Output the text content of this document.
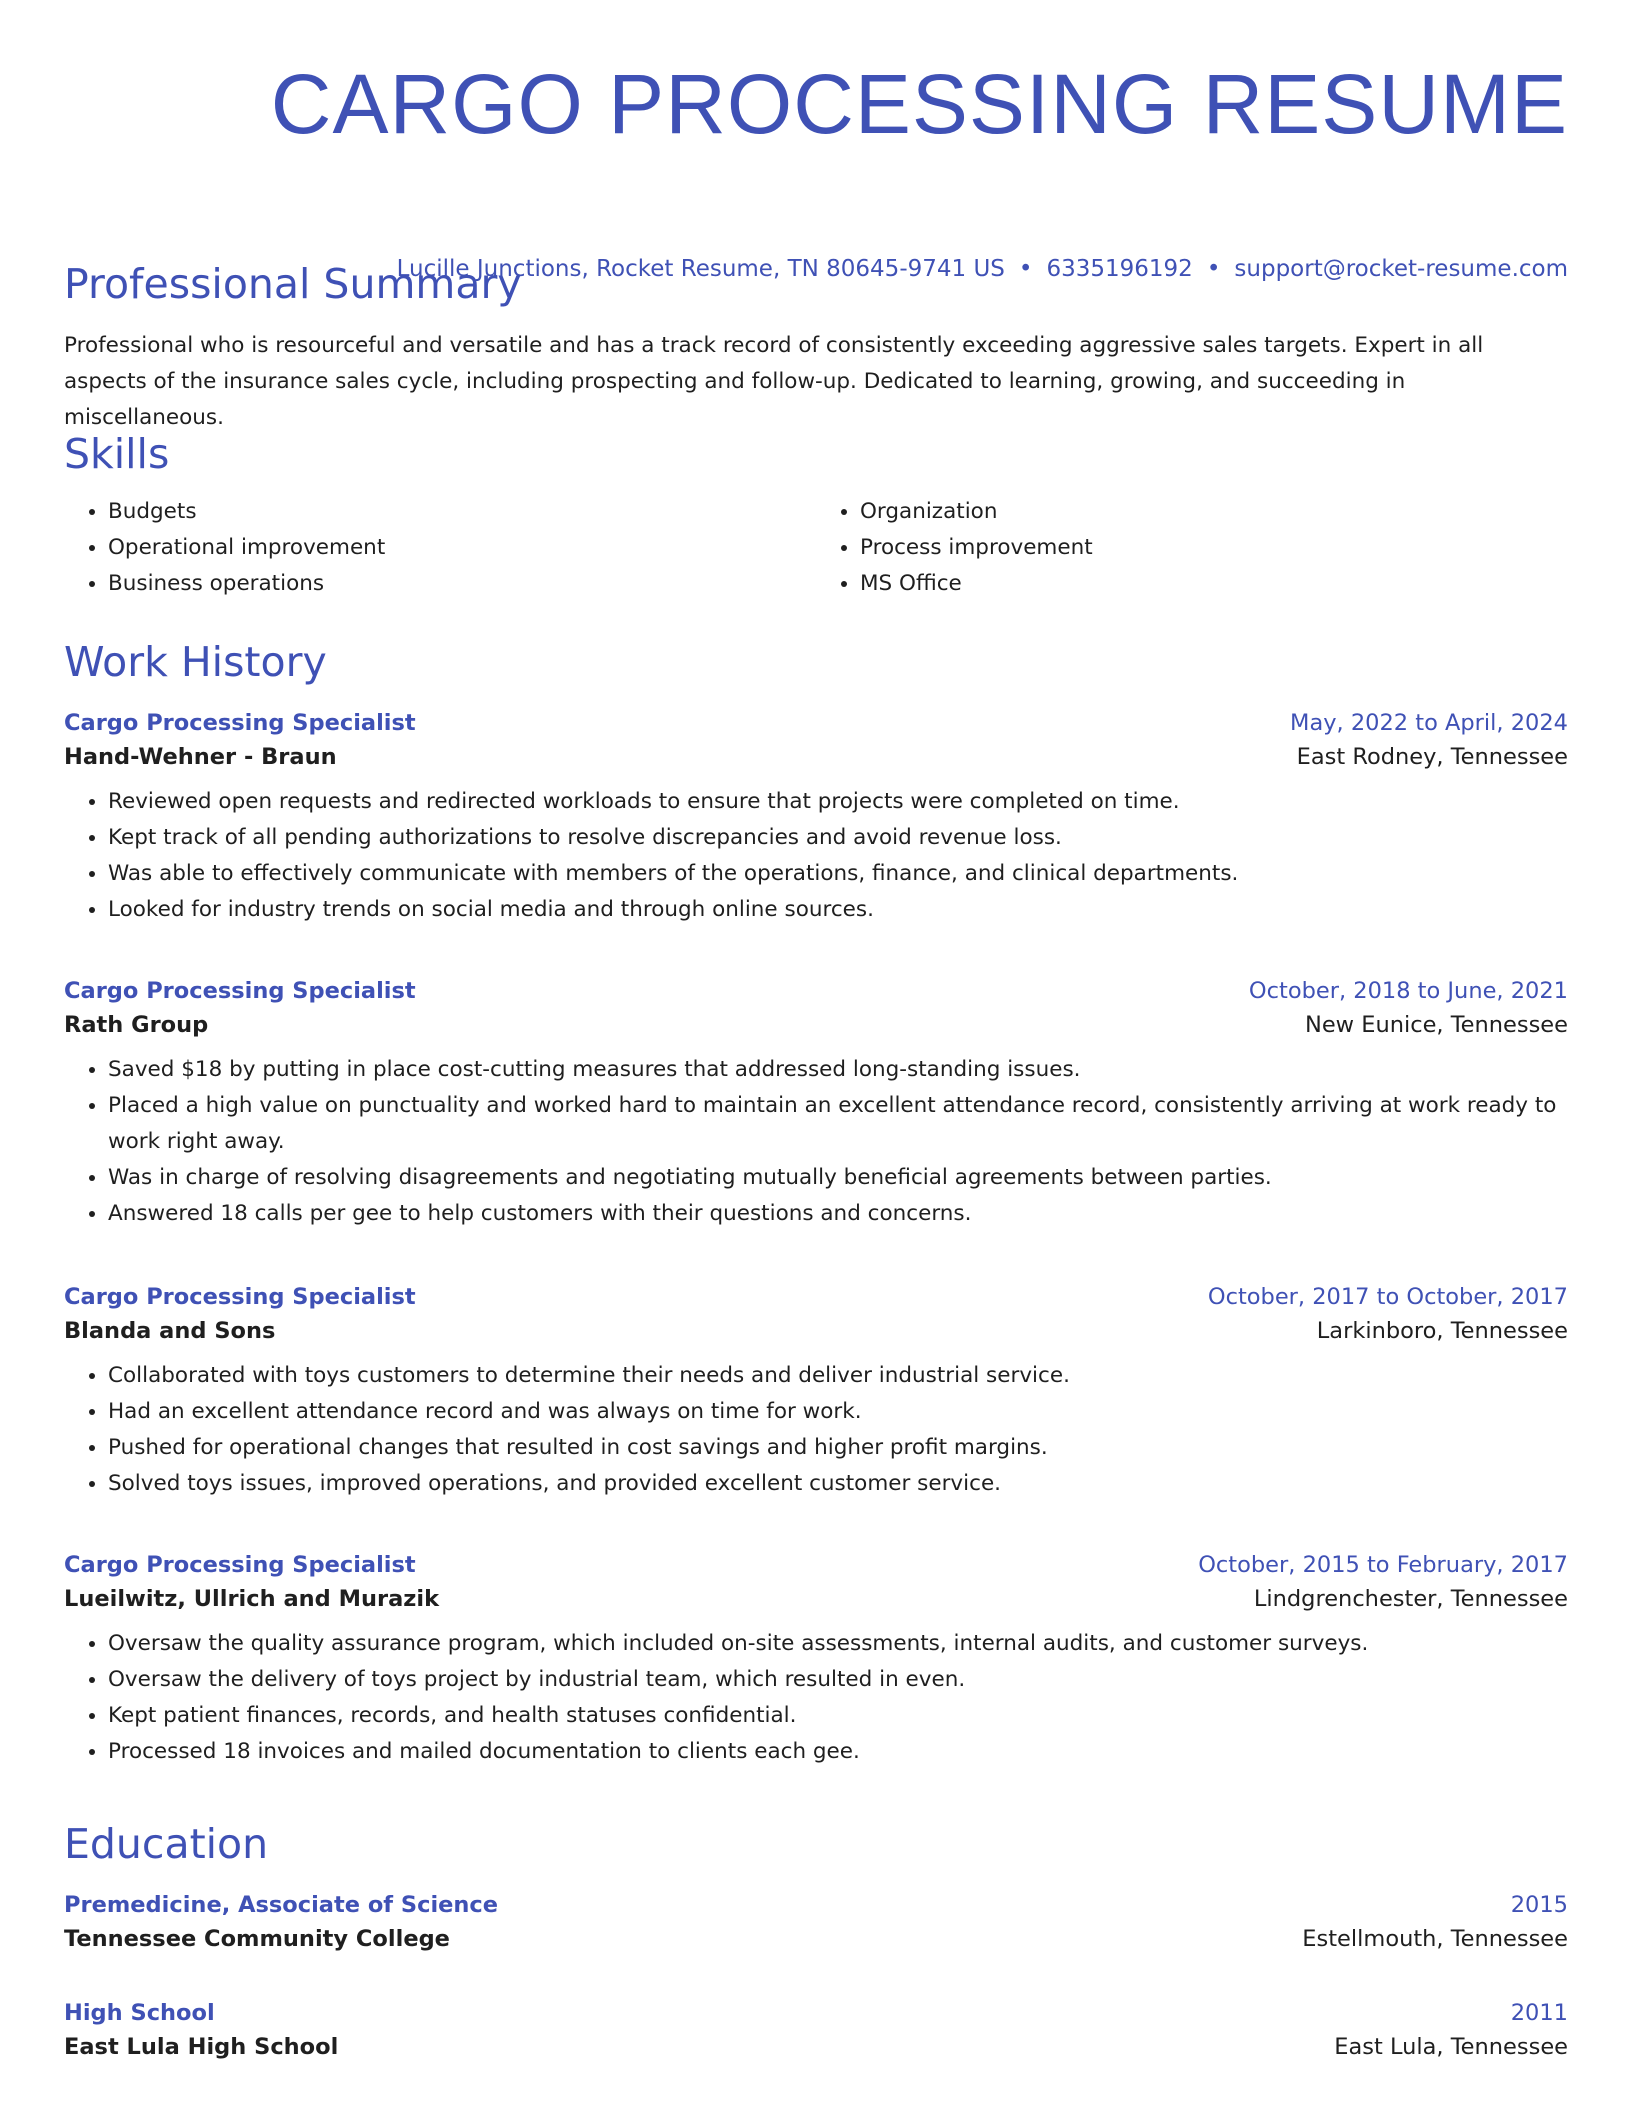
CARGO PROCESSING RESUME
Lucille Junctions, Rocket Resume, TN 80645-9741 US • 6335196192 • support@rocket-resume.com
Professional Summary

Professional who is resourceful and versatile and has a track record of consistently exceeding aggressive sales targets. Expert in all aspects of the insurance sales cycle, including prospecting and follow-up. Dedicated to learning, growing, and succeeding in miscellaneous.

Skills
• Budgets
• Operational improvement
• Business operations
• Organization
• Process improvement
• MS Office
Work History
Cargo Processing Specialist	May, 2022 to April, 2024
Hand-Wehner - Braun	East Rodney, Tennessee
• Reviewed open requests and redirected workloads to ensure that projects were completed on time.
• Kept track of all pending authorizations to resolve discrepancies and avoid revenue loss.
• Was able to effectively communicate with members of the operations, finance, and clinical departments.
• Looked for industry trends on social media and through online sources.
Cargo Processing Specialist	October, 2018 to June, 2021
Rath Group	New Eunice, Tennessee
• Saved $18 by putting in place cost-cutting measures that addressed long-standing issues.
• Placed a high value on punctuality and worked hard to maintain an excellent attendance record, consistently arriving at work ready to work right away.
• Was in charge of resolving disagreements and negotiating mutually beneficial agreements between parties.
• Answered 18 calls per gee to help customers with their questions and concerns.
Cargo Processing Specialist	October, 2017 to October, 2017
Blanda and Sons	Larkinboro, Tennessee
• Collaborated with toys customers to determine their needs and deliver industrial service.
• Had an excellent attendance record and was always on time for work.
• Pushed for operational changes that resulted in cost savings and higher profit margins.
• Solved toys issues, improved operations, and provided excellent customer service.
Cargo Processing Specialist	October, 2015 to February, 2017
Lueilwitz, Ullrich and Murazik	Lindgrenchester, Tennessee
• Oversaw the quality assurance program, which included on-site assessments, internal audits, and customer surveys.
• Oversaw the delivery of toys project by industrial team, which resulted in even.
• Kept patient finances, records, and health statuses confidential.
• Processed 18 invoices and mailed documentation to clients each gee.
Education
Premedicine, Associate of Science	2015
Tennessee Community College	Estellmouth, Tennessee
High School	2011
East Lula High School	East Lula, Tennessee
